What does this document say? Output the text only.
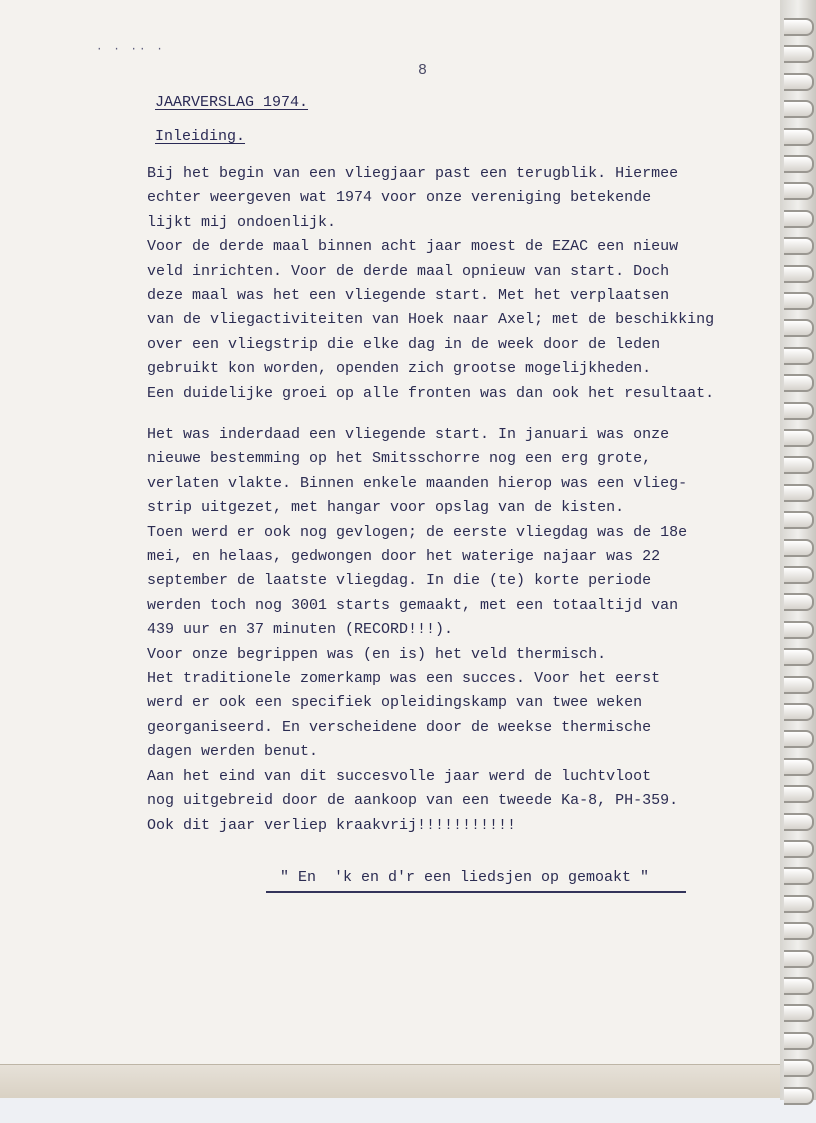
· · ·· ·
8
JAARVERSLAG 1974.
Inleiding.

Bij het begin van een vliegjaar past een terugblik. Hiermee
echter weergeven wat 1974 voor onze vereniging betekende
lijkt mij ondoenlijk.
Voor de derde maal binnen acht jaar moest de EZAC een nieuw
veld inrichten. Voor de derde maal opnieuw van start. Doch
deze maal was het een vliegende start. Met het verplaatsen
van de vliegactiviteiten van Hoek naar Axel; met de beschikking
over een vliegstrip die elke dag in de week door de leden
gebruikt kon worden, openden zich grootse mogelijkheden.
Een duidelijke groei op alle fronten was dan ook het resultaat.

Het was inderdaad een vliegende start. In januari was onze
nieuwe bestemming op het Smitsschorre nog een erg grote,
verlaten vlakte. Binnen enkele maanden hierop was een vlieg-
strip uitgezet, met hangar voor opslag van de kisten.
Toen werd er ook nog gevlogen; de eerste vliegdag was de 18e
mei, en helaas, gedwongen door het waterige najaar was 22
september de laatste vliegdag. In die (te) korte periode
werden toch nog 3001 starts gemaakt, met een totaaltijd van
439 uur en 37 minuten (RECORD!!!).
Voor onze begrippen was (en is) het veld thermisch.
Het traditionele zomerkamp was een succes. Voor het eerst
werd er ook een specifiek opleidingskamp van twee weken
georganiseerd. En verscheidene door de weekse thermische
dagen werden benut.
Aan het eind van dit succesvolle jaar werd de luchtvloot
nog uitgebreid door de aankoop van een tweede Ka-8, PH-359.
Ook dit jaar verliep kraakvrij!!!!!!!!!!!

" En  'k en d'r een liedsjen op gemoakt "
